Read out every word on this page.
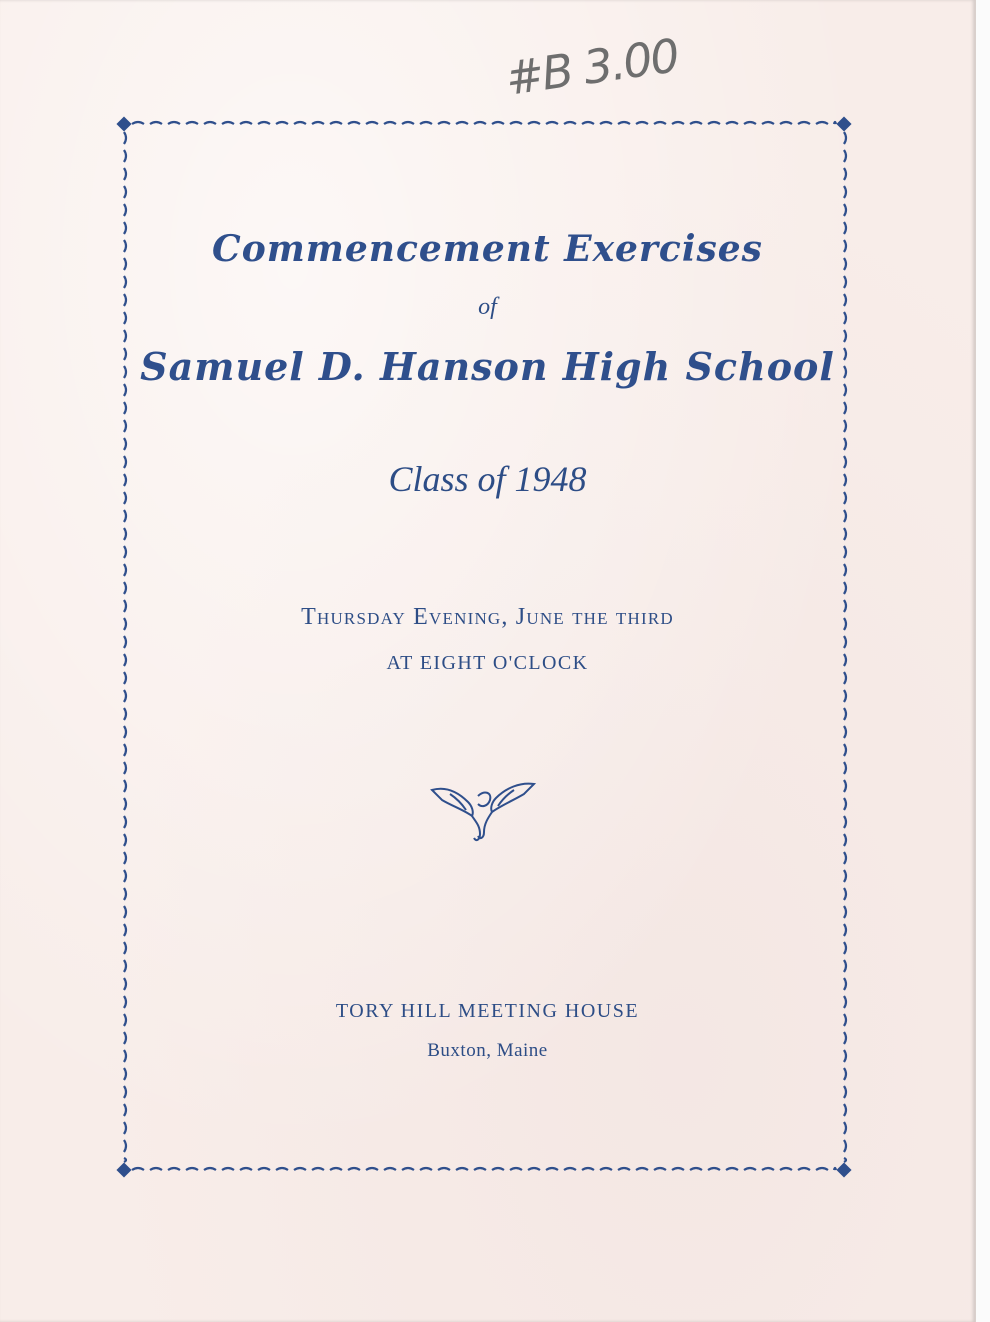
#B 3.00
Commencement Exercises
of
Samuel D. Hanson High School
Class of 1948
Thursday Evening, June the third
AT EIGHT O'CLOCK
TORY HILL MEETING HOUSE
Buxton, Maine
